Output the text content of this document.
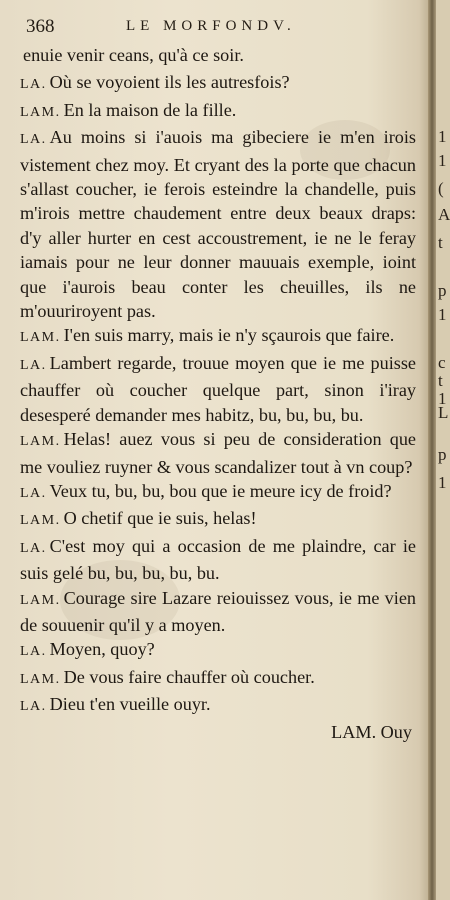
368	LE MORFONDV.

enuie venir ceans, qu'à ce soir.

LA. Où se voyoient ils les autresfois?

LAM. En la maison de la fille.

LA. Au moins si i'auois ma gibeciere ie m'en irois vistement chez moy. Et cryant des la porte que chacun s'allast coucher, ie ferois esteindre la chandelle, puis m'irois mettre chaudement entre deux beaux draps: d'y aller hurter en cest accoustrement, ie ne le feray iamais pour ne leur donner mauuais exemple, ioint que i'aurois beau conter les cheuilles, ils ne m'ouuriroyent pas.

LAM. I'en suis marry, mais ie n'y sçaurois que faire.

LA. Lambert regarde, trouue moyen que ie me puisse chauffer où coucher quelque part, sinon i'iray desesperé demander mes habitz, bu, bu, bu, bu.

LAM. Helas! auez vous si peu de consideration que me vouliez ruyner & vous scandalizer tout à vn coup?

LA. Veux tu, bu, bu, bou que ie meure icy de froid?

LAM. O chetif que ie suis, helas!

LA. C'est moy qui a occasion de me plaindre, car ie suis gelé bu, bu, bu, bu, bu.

LAM. Courage sire Lazare reiouissez vous, ie me vien de souuenir qu'il y a moyen.

LA. Moyen, quoy?

LAM. De vous faire chauffer où coucher.

LA. Dieu t'en vueille ouyr.

LAM. Ouy

1
1
(
A
t
p
1
c
t
1
L
p
1
